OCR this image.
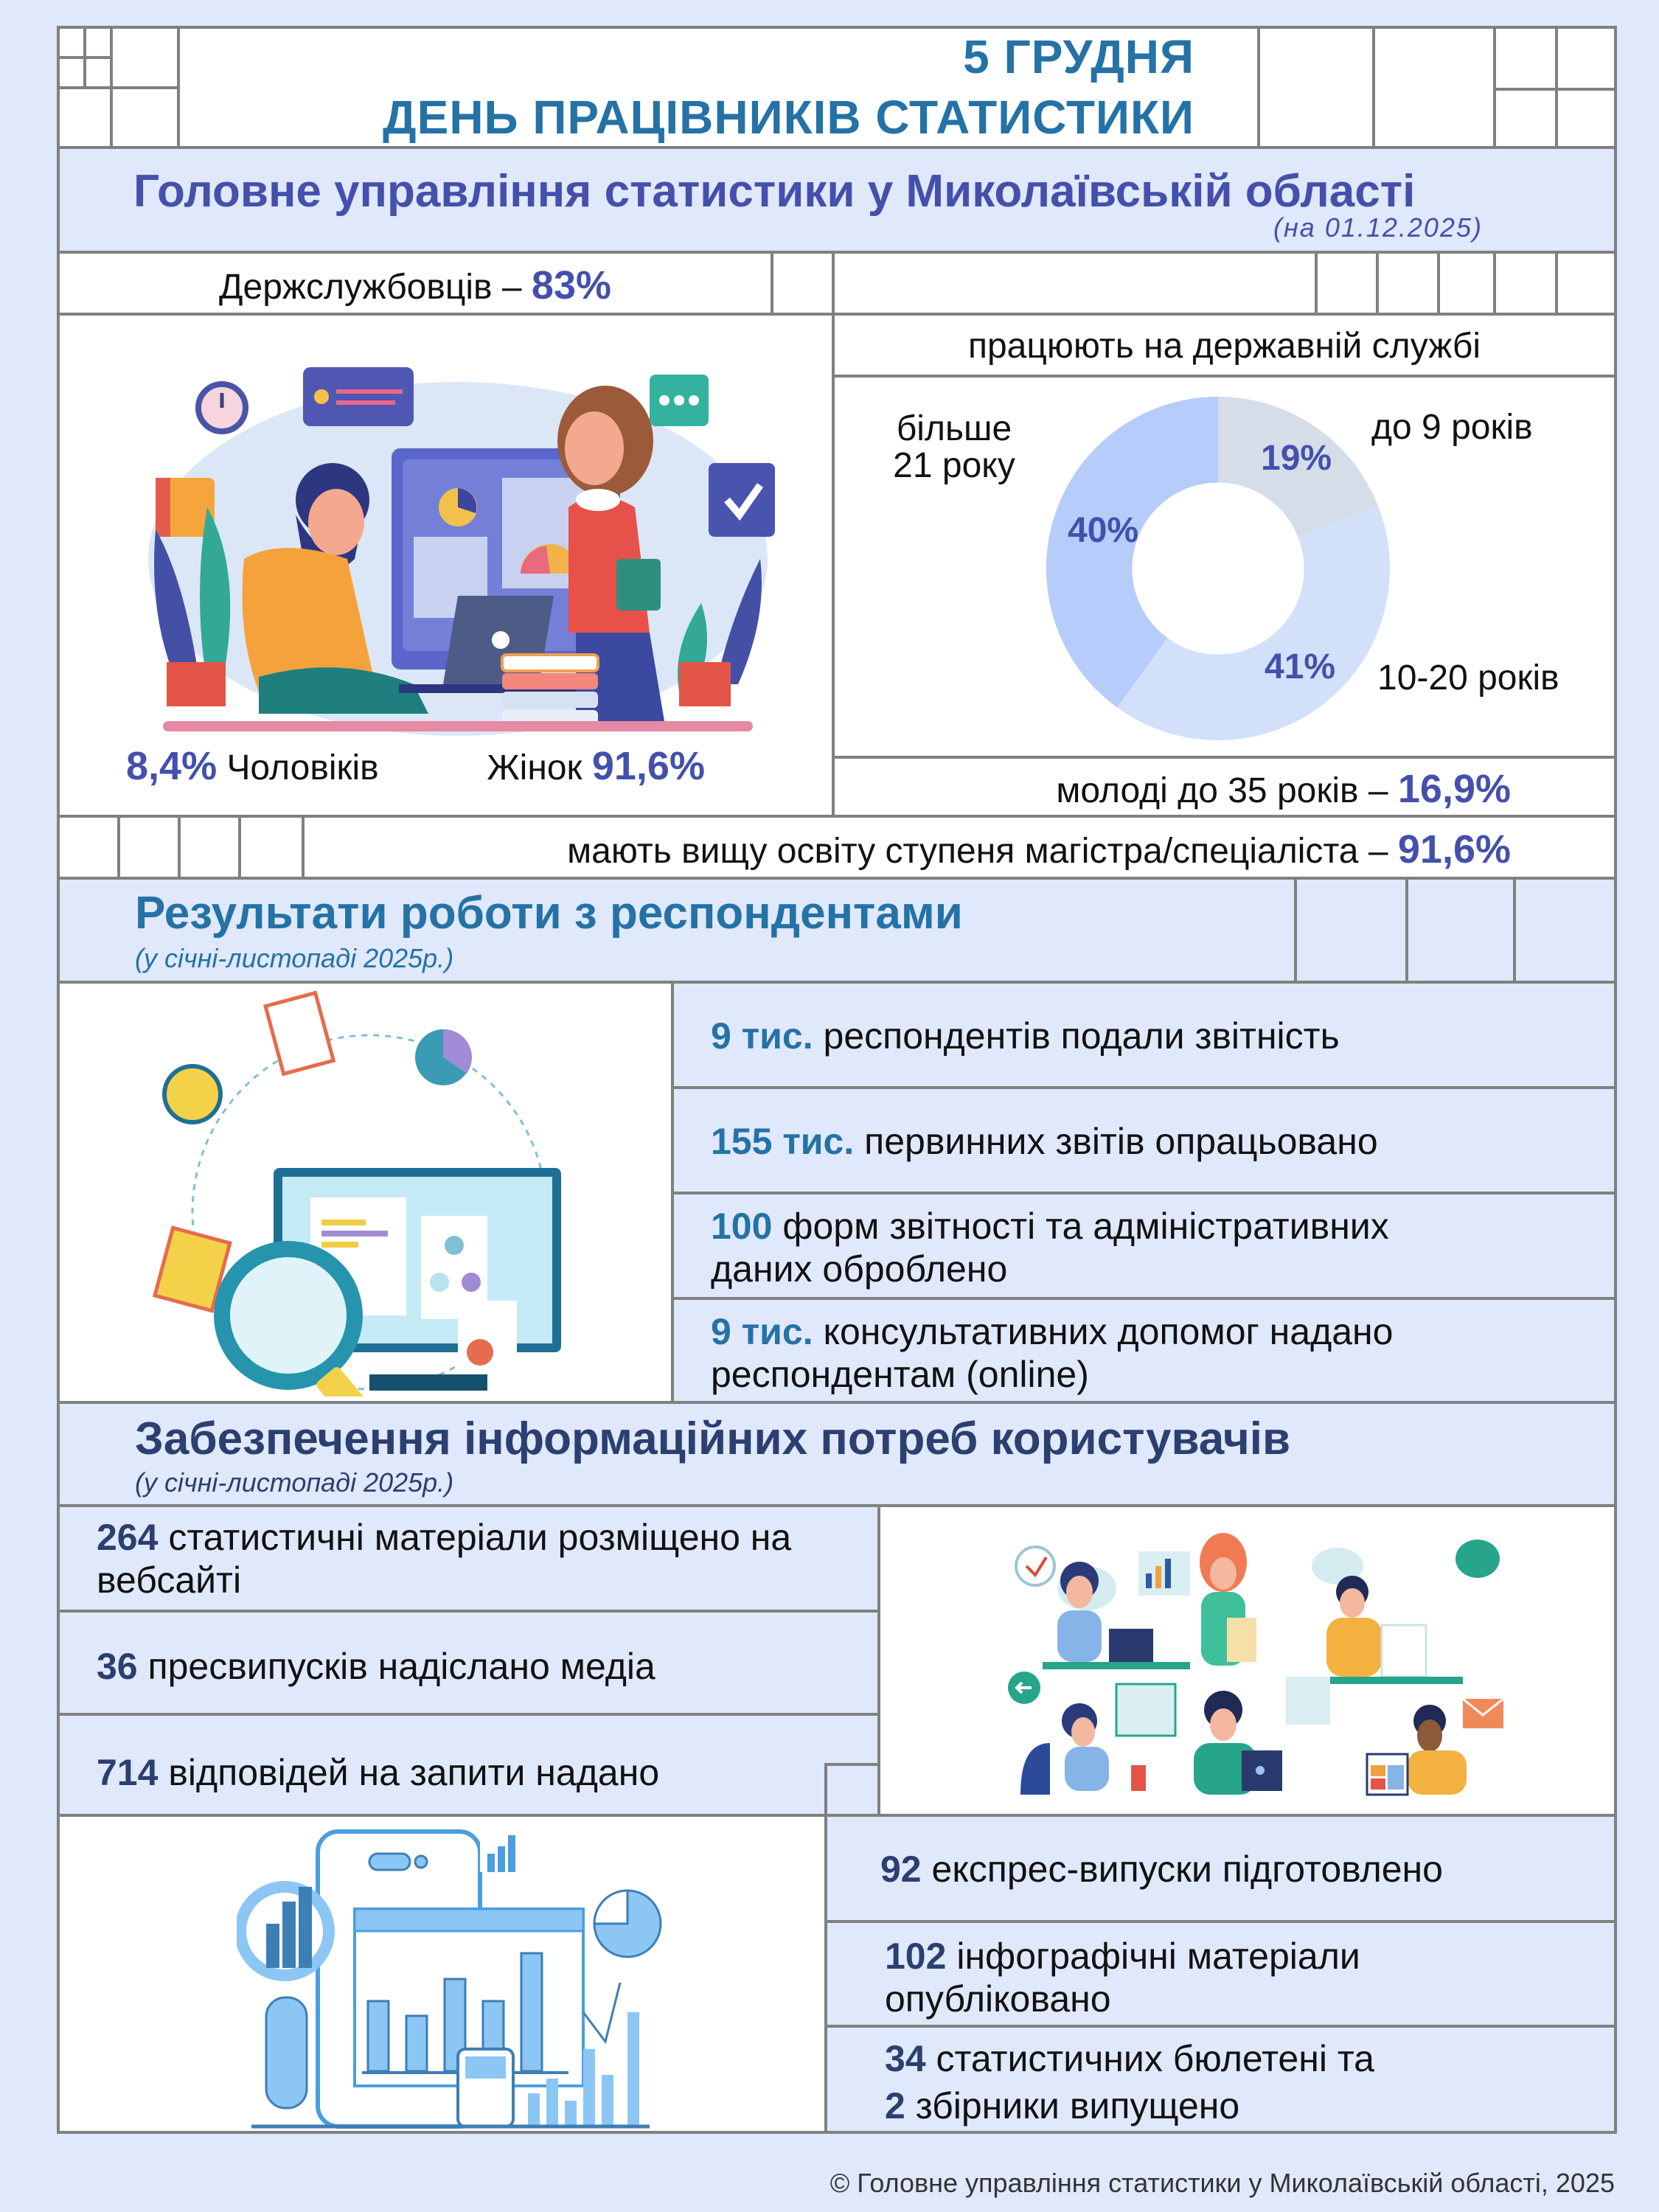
5 ГРУДНЯ
ДЕНЬ ПРАЦІВНИКІВ СТАТИСТИКИ
Головне управління статистики у Миколаївській області
(на 01.12.2025)
Держслужбовців – 83%
8,4% Чоловіків	Жінок 91,6%
працюють на державній службі
19%
41%
40%
до 9 років
10-20 років
більше
21 року
молоді до 35 років – 16,9%
мають вищу освіту ступеня магістра/спеціаліста – 91,6%
Результати роботи з респондентами
(у січні-листопаді 2025р.)
9 тис. респондентів подали звітність
155 тис. первинних звітів опрацьовано
100 форм звітності та адміністративних даних оброблено
9 тис. консультативних допомог надано респондентам (online)
Забезпечення інформаційних потреб користувачів
(у січні-листопаді 2025р.)
264 статистичні матеріали розміщено на вебсайті
36 пресвипусків надіслано медіа
714 відповідей на запити надано
92 експрес-випуски підготовлено
102 інфографічні матеріали опубліковано
34 статистичних бюлетені та
2 збірники випущено
© Головне управління статистики у Миколаївській області, 2025
